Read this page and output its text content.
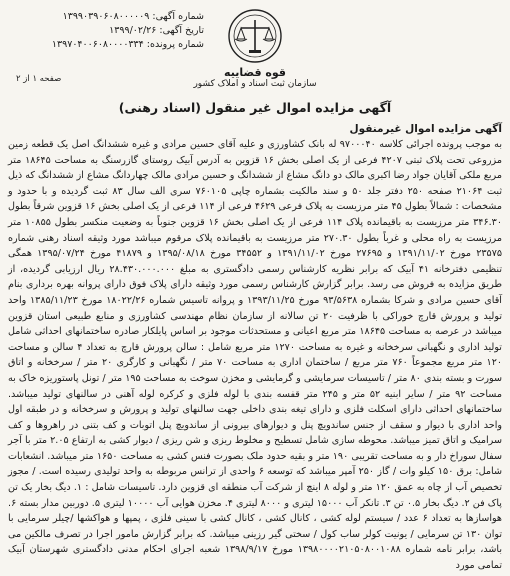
شماره آگهی: ۱۳۹۹۰۳۹۰۶۰۸۰۰۰۰۰۹
تاریخ آگهی: ۱۳۹۹/۰۲/۲۶
شماره پرونده: ۱۳۹۷۰۴۰۰۶۰۸۰۰۰۰۳۳۴
قوه قضاییه
سازمان ثبت اسناد و املاک کشور
صفحه ۱ از ۲
آگهی مزایده اموال غیر منقول (اسناد رهنی)
آگهی مزایده اموال غیرمنقول

به موجب پرونده اجرائی کلاسه ۹۷۰۰۰۴۰ له بانک کشاورزی و علیه آقای حسین مرادی و غیره ششدانگ اصل یک قطعه زمین مزروعی تحت پلاک ثبتی ۴۲۰۷ فرعی از یک اصلی بخش ۱۶ قزوین به آدرس آبیک روستای گازرسنگ به مساحت ۱۸۶۴۵ متر مربع ملکی آقایان جواد رضا اکبری مالک دو دانگ مشاع از ششدانگ و حسین مرادی مالک چهاردانگ مشاع از ششدانگ که ذیل ثبت ۲۱۰۶۴ صفحه ۲۵۰ دفتر جلد ۵۰ و سند مالکیت بشماره چاپی ۷۶۰۱۰۵ سری الف سال ۸۳ ثبت گردیده و با حدود و مشخصات : شمالاً بطول ۴۵ متر مرزیست به پلاک فرعی ۴۶۲۹ فرعی از ۱۱۴ فرعی از یک اصلی بخش ۱۶ قزوین شرقاً بطول ۳۴۶.۳۰ متر مرزیست به باقیمانده پلاک ۱۱۴ فرعی از یک اصلی بخش ۱۶ قزوین جنوباً به وضعیت منکسر بطول ۱۰۸۵۵ متر مرزیست به راه محلی و غرباً بطول ۲۷۰.۳۰ متر مرزیست به باقیمانده پلاک مرقوم میباشد مورد وثیقه اسناد رهنی شماره ۲۳۵۷۵ مورخ ۱۳۹۱/۱۱/۰۲ و ۲۷۶۹۵ مورخ ۱۳۹۱/۱۱/۰۲ و ۳۴۵۵۲ مورخ ۱۳۹۵/۰۸/۱۸ و ۴۱۸۷۹ مورخ ۱۳۹۵/۰۷/۲۴ همگی تنظیمی دفترخانه ۴۱ آبیک که برابر نظریه کارشناس رسمی دادگستری به مبلغ ۲۸.۴۳۰.۰۰۰.۰۰۰ ریال ارزیابی گردیده، از طریق مزایده به فروش می رسد. برابر گزارش کارشناس رسمی مورد وثیقه دارای پلاک فوق دارای پروانه بهره برداری بنام آقای حسین مرادی و شرکا بشماره ۹۳/۵۶۳۸ مورخ ۱۳۹۳/۱۱/۲۵ و پروانه تاسیس شماره ۱۸۰۲۲/۲۶ مورخ ۱۳۸۵/۱۱/۲۳ واحد تولید و پرورش قارچ خوراکی با ظرفیت ۲۰ تن سالانه از سازمان نظام مهندسی کشاورزی و منابع طبیعی استان قزوین میباشد در عرصه به مساحت ۱۸۶۴۵ متر مربع اعیانی و مستحدثات موجود بر اساس پایلکار صادره ساختمانهای احداثی شامل تولید اداری و نگهبانی سرخخانه و غیره به مساحت ۱۲۷۰ متر مربع شامل : سالن پرورش قارچ به تعداد ۴ سالن و مساحت ۱۲۰ متر مربع مجموعاً ۷۶۰ متر مربع / ساختمان اداری به مساحت ۷۰ متر / نگهبانی و کارگری ۲۰ متر / سرخخانه و اتاق سورت و بسته بندی ۸۰ متر / تاسیسات سرمایشی و گرمایشی و مخزن سوخت به مساحت ۱۹۵ متر / تونل پاستوریزه خاک به مساحت ۹۲ متر / سایر ابنیه ۵۲ متر و ۲۴۵ متر قفسه بندی با لوله فلزی و کرکره لوله آهنی در سالنهای تولید میباشد. ساختمانهای احداثی دارای اسکلت فلزی و دارای تیغه بندی داخلی جهت سالنهای تولید و پرورش و سرخخانه و در طبقه اول واحد اداری با دیوار و سقف از جنس ساندویچ پنل و دیوارهای بیرونی از ساندویچ پنل اتوبات و کف بتنی در راهروها و کف سرامیک و اتاق تمیز میباشد. محوطه سازی شامل تسطیح و مخلوط ریزی و شن ریزی / دیوار کشی به ارتفاع ۲.۰۵ متر با آجر سفال سوراخ دار و به مساحت تقریبی ۱۹۰ متر و بقیه حدود ملک بصورت فنس کشی به مساحت ۱۶۵۰ متر میباشد. انشعابات شامل: برق ۱۵۰ کیلو وات / گاز ۲۵۰ آمپر میباشد که توسعه ۶ واحدی از ترانس مربوطه به واحد تولیدی رسیده است. / مجوز تخصیص آب از چاه به عمق ۱۲۰ متر و لوله ۸ اینچ از شرکت آب منطقه ای قزوین دارد. تاسیسات شامل : ۱. دیگ بخار یک تن پاک فن ۲. دیگ بخار ۰.۵ تن ۳. تانکر آب ۱۵۰۰۰ لیتری و ۸۰۰۰ لیتری ۴. مخزن هوایی آب ۱۰۰۰۰ لیتری ۵. دوربین مدار بسته ۶. هواسازها به تعداد ۶ عدد / سیستم لوله کشی ، کانال کشی ، کانال کشی با سینی فلزی ، پمپها و هواکشها /چیلر سرمایی با توان ۱۳۰ تن سرمایی / یونیت کولر ساب کول / سختی گیر رزینی میباشد. که برابر گزارش مامور اجرا در تصرف مالکین می باشد، برابر نامه شماره ۱۳۹۸۰۰۰۰۲۱۰۵۰۸۰۰۱۰۸۸ مورخ ۱۳۹۸/۹/۱۷ شعبه اجرای احکام مدنی دادگستری شهرستان آبیک تمامی مورد
